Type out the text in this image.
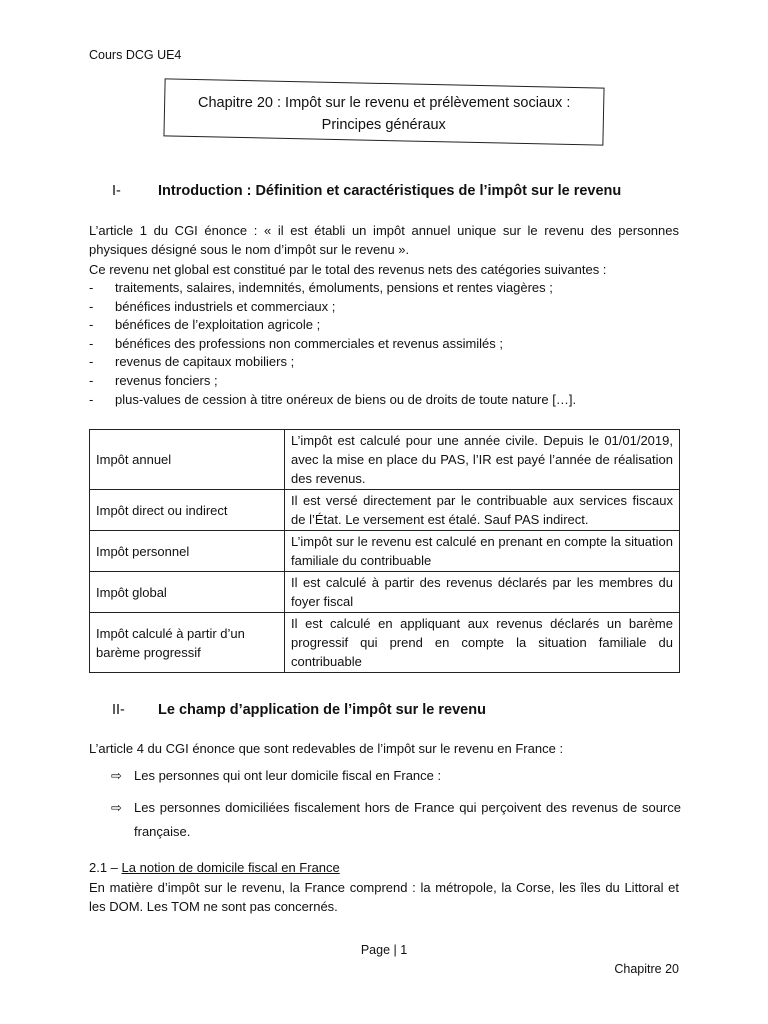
Cours DCG UE4
Chapitre 20 : Impôt sur le revenu et prélèvement sociaux :
Principes généraux
I-	Introduction : Définition et caractéristiques de l’impôt sur le revenu
L’article 1 du CGI énonce : « il est établi un impôt annuel unique sur le revenu des personnes physiques désigné sous le nom d’impôt sur le revenu ».
Ce revenu net global est constitué par le total des revenus nets des catégories suivantes :
-	traitements, salaires, indemnités, émoluments, pensions et rentes viagères ;
-	bénéfices industriels et commerciaux ;
-	bénéfices de l’exploitation agricole ;
-	bénéfices des professions non commerciales et revenus assimilés ;
-	revenus de capitaux mobiliers ;
-	revenus fonciers ;
-	plus-values de cession à titre onéreux de biens ou de droits de toute nature […].
Impôt annuel	L’impôt est calculé pour une année civile. Depuis le 01/01/2019, avec la mise en place du PAS, l’IR est payé l’année de réalisation des revenus.
Impôt direct ou indirect	Il est versé directement par le contribuable aux services fiscaux de l’État. Le versement est étalé. Sauf PAS indirect.
Impôt personnel	L’impôt sur le revenu est calculé en prenant en compte la situation familiale du contribuable
Impôt global	Il est calculé à partir des revenus déclarés par les membres du foyer fiscal
Impôt calculé à partir d’un barème progressif	Il est calculé en appliquant aux revenus déclarés un barème progressif qui prend en compte la situation familiale du contribuable
II-	Le champ d’application de l’impôt sur le revenu
L’article 4 du CGI énonce que sont redevables de l’impôt sur le revenu en France :
⇨ Les personnes qui ont leur domicile fiscal en France :
⇨ Les personnes domiciliées fiscalement hors de France qui perçoivent des revenus de source française.
2.1 – La notion de domicile fiscal en France
En matière d’impôt sur le revenu, la France comprend : la métropole, la Corse, les îles du Littoral et les DOM. Les TOM ne sont pas concernés.
Page | 1
Chapitre 20
